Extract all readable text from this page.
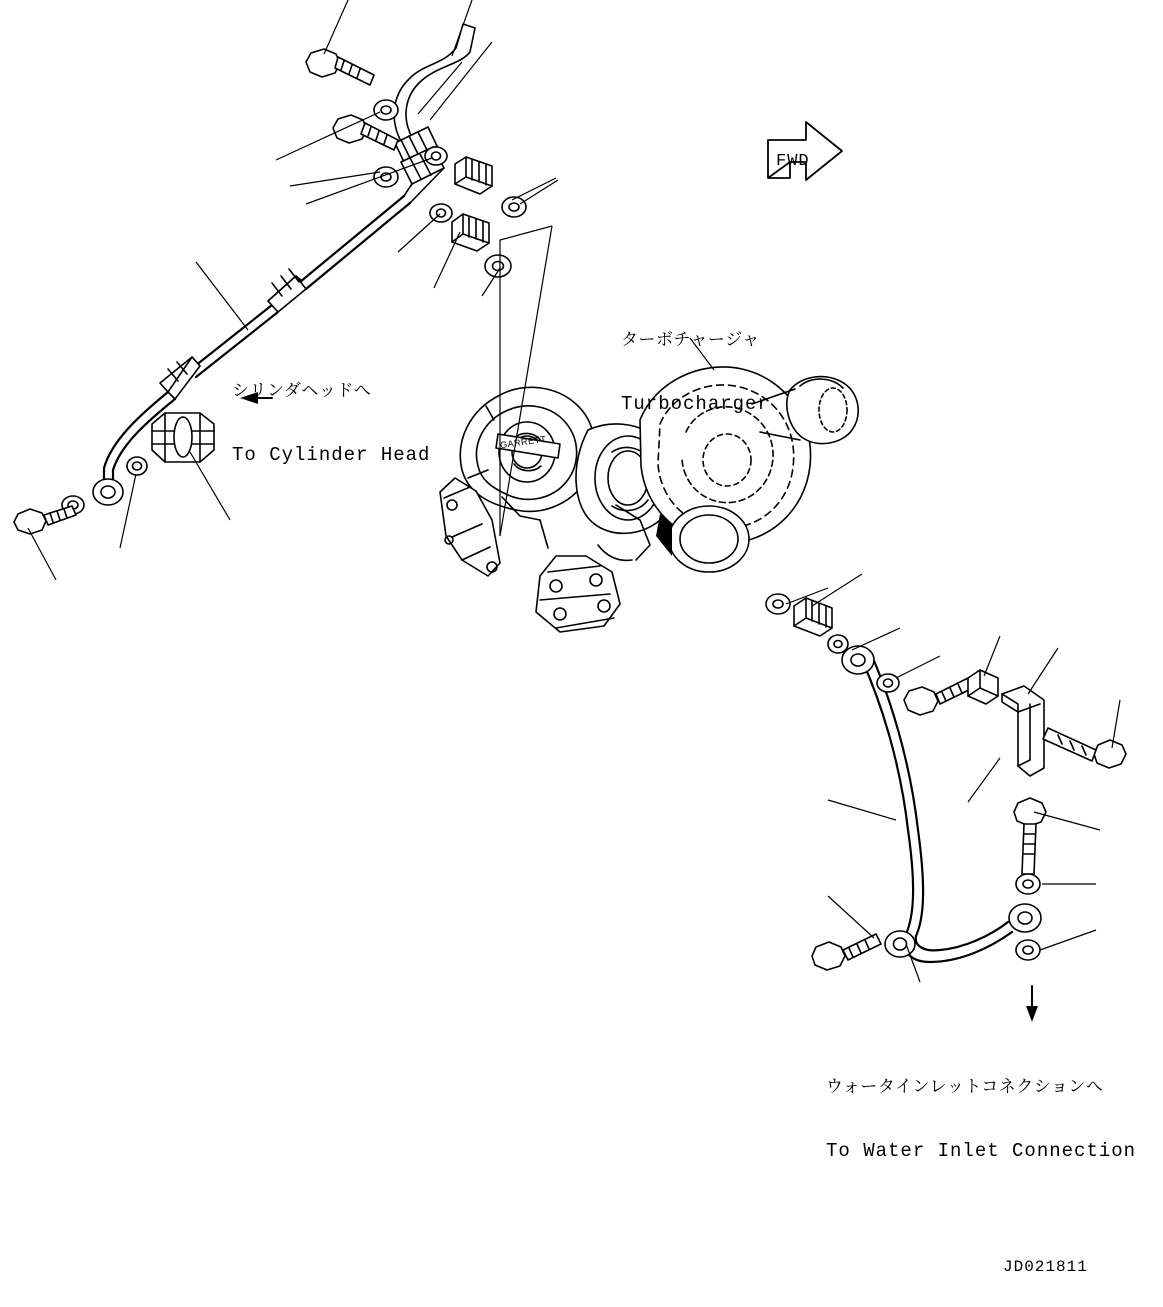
ターボチャージャ

Turbocharger

シリンダヘッドへ

To Cylinder Head

ウォータインレットコネクションへ

To Water Inlet Connection

FWD
GARRETT
JD021811
